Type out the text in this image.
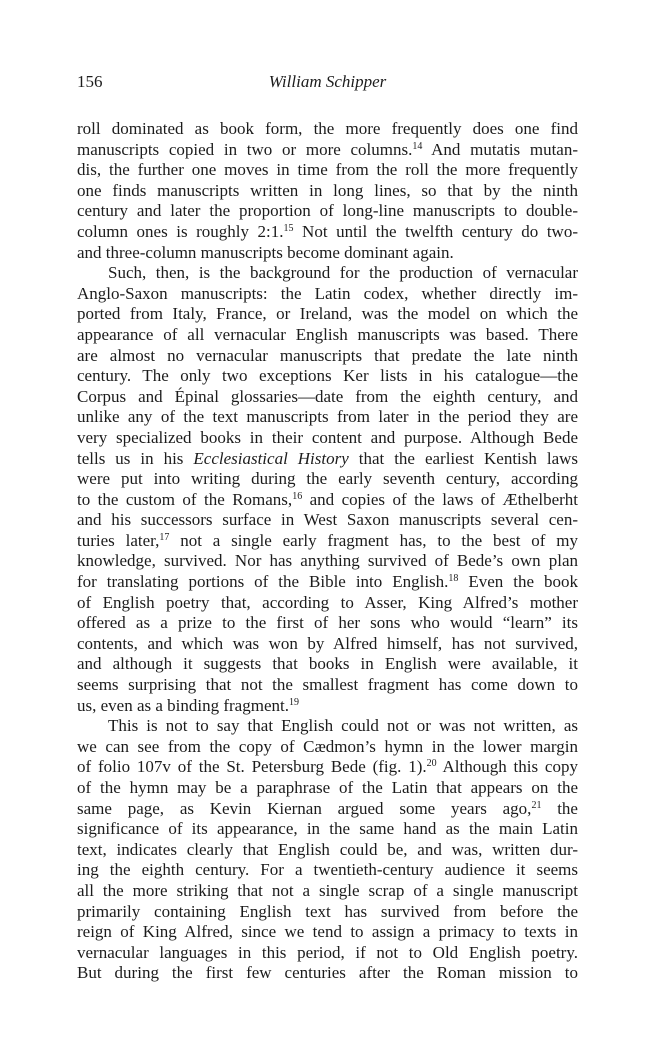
156	William Schipper
roll dominated as book form, the more frequently does one find
manuscripts copied in two or more columns.$^{14}$ And mutatis mutan-
dis, the further one moves in time from the roll the more frequently
one finds manuscripts written in long lines, so that by the ninth
century and later the proportion of long-line manuscripts to double-
column ones is roughly 2:1.15 Not until the twelfth century do two-
and three-column manuscripts become dominant again.
Such, then, is the background for the production of vernacular
Anglo-Saxon manuscripts: the Latin codex, whether directly im-
ported from Italy, France, or Ireland, was the model on which the
appearance of all vernacular English manuscripts was based. There
are almost no vernacular manuscripts that predate the late ninth
century. The only two exceptions Ker lists in his catalogue—the
Corpus and Épinal glossaries—date from the eighth century, and
unlike any of the text manuscripts from later in the period they are
very specialized books in their content and purpose. Although Bede
tells us in his Ecclesiastical History that the earliest Kentish laws
were put into writing during the early seventh century, according
to the custom of the Romans,$^{16}$ and copies of the laws of Æthelberht
and his successors surface in West Saxon manuscripts several cen-
turies later,$^{17}$ not a single early fragment has, to the best of my
knowledge, survived. Nor has anything survived of Bede’s own plan
for translating portions of the Bible into English.$^{18}$ Even the book
of English poetry that, according to Asser, King Alfred’s mother
offered as a prize to the first of her sons who would “learn” its
contents, and which was won by Alfred himself, has not survived,
and although it suggests that books in English were available, it
seems surprising that not the smallest fragment has come down to
us, even as a binding fragment.$^{19}$
This is not to say that English could not or was not written, as
we can see from the copy of Cædmon’s hymn in the lower margin
of folio 107v of the St. Petersburg Bede (fig. 1).$^{20}$ Although this copy
of the hymn may be a paraphrase of the Latin that appears on the
same page, as Kevin Kiernan argued some years ago,$^{21}$ the
significance of its appearance, in the same hand as the main Latin
text, indicates clearly that English could be, and was, written dur-
ing the eighth century. For a twentieth-century audience it seems
all the more striking that not a single scrap of a single manuscript
primarily containing English text has survived from before the
reign of King Alfred, since we tend to assign a primacy to texts in
vernacular languages in this period, if not to Old English poetry.
But during the first few centuries after the Roman mission to
